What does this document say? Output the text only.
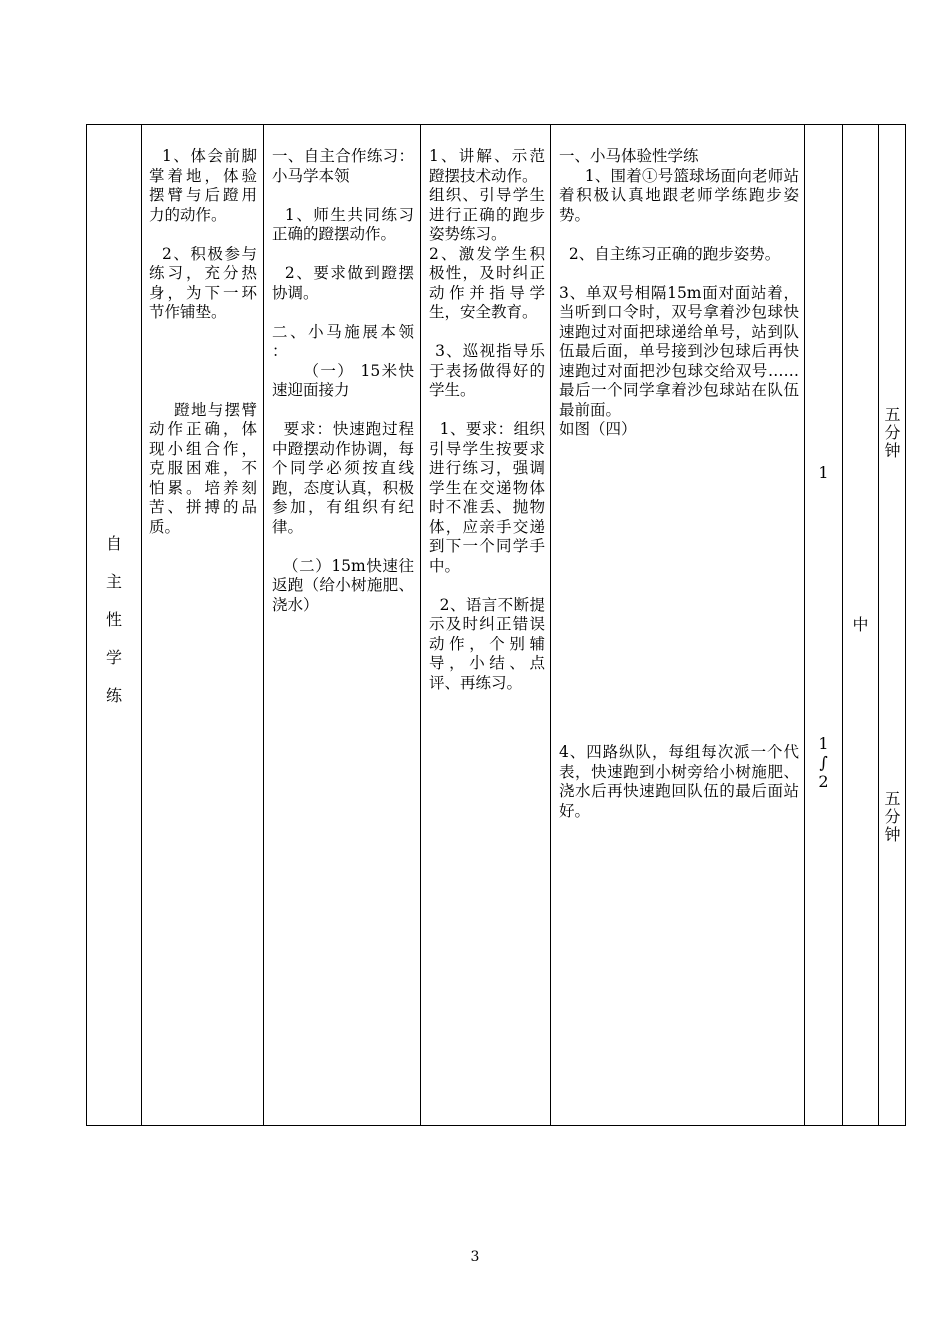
自
主
性
学
练
1、体会前脚掌着地，体验摆臂与后蹬用力的动作。

2、积极参与练习，充分热身，为下一环节作铺垫。

蹬地与摆臂动作正确，体现小组合作，克服困难，不怕累。培养刻苦、拼搏的品质。
一、自主合作练习：小马学本领

1、师生共同练习正确的蹬摆动作。

2、要求做到蹬摆协调。

二、小马施展本领 ：
（一） 15米快速迎面接力

要求：快速跑过程中蹬摆动作协调，每个同学必须按直线跑，态度认真，积极参加，有组织有纪律。

（二）15m快速往返跑（给小树施肥、浇水）
1、讲解、示范蹬摆技术动作。
组织、引导学生进行正确的跑步姿势练习。
2、激发学生积极性，及时纠正动作并指导学生，安全教育。

3、巡视指导乐于表扬做得好的学生。

1、要求：组织引导学生按要求进行练习，强调学生在交递物体时不准丢、抛物体，应亲手交递到下一个同学手中。

2、语言不断提示及时纠正错误动作，个别辅导，小结、点评、再练习。
一、小马体验性学练
1、围着①号篮球场面向老师站着积极认真地跟老师学练跑步姿势。

2、自主练习正确的跑步姿势。

3、单双号相隔15m面对面站着，当听到口令时，双号拿着沙包球快速跑过对面把球递给单号，站到队伍最后面，单号接到沙包球后再快速跑过对面把沙包球交给双号……最后一个同学拿着沙包球站在队伍最前面。
如图（四）
4、四路纵队，每组每次派一个代表，快速跑到小树旁给小树施肥、浇水后再快速跑回队伍的最后面站好。
1
1
∫
2
中
五
分
钟
五
分
钟
3
